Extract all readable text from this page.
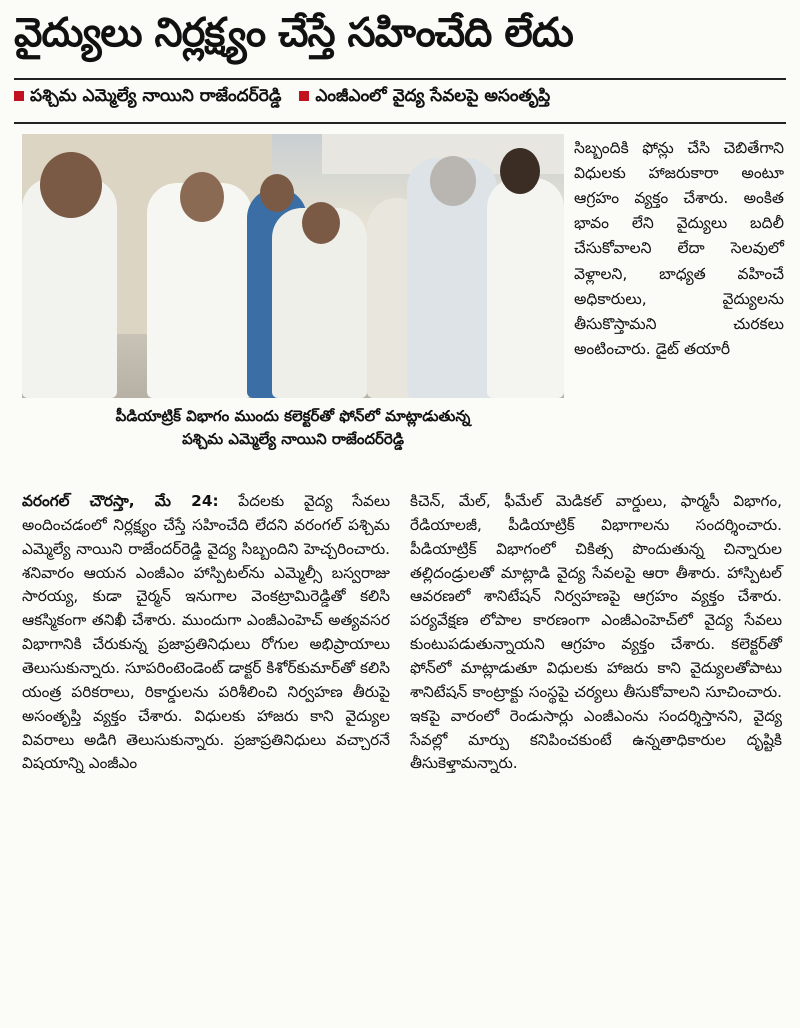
వైద్యులు నిర్లక్ష్యం చేస్తే సహించేది లేదు
పశ్చిమ ఎమ్మెల్యే నాయిని రాజేందర్‌రెడ్డి ఎంజీఎంలో వైద్య సేవలపై అసంతృప్తి
పీడియాట్రిక్ విభాగం ముందు కలెక్టర్‌తో ఫోన్‌లో మాట్లాడుతున్న
పశ్చిమ ఎమ్మెల్యే నాయిని రాజేందర్‌రెడ్డి

సిబ్బందికి ఫోన్లు చేసి చెబితేగాని విధులకు హాజరుకారా అంటూ ఆగ్రహం వ్యక్తం చేశారు. అంకిత భావం లేని వైద్యులు బదిలీ చేసుకోవాలని లేదా సెలవులో వెళ్లాలని, బాధ్యత వహించే అధికారులు, వైద్యులను తీసుకొస్తామని చురకలు అంటించారు. డైట్ తయారీ

వరంగల్ చౌరస్తా, మే 24: పేదలకు వైద్య సేవలు అందించడంలో నిర్లక్ష్యం చేస్తే సహించేది లేదని వరంగల్ పశ్చిమ ఎమ్మెల్యే నాయిని రాజేందర్‌రెడ్డి వైద్య సిబ్బందిని హెచ్చరించారు. శనివారం ఆయన ఎంజీఎం హాస్పిటల్‌ను ఎమ్మెల్సీ బస్వరాజు సారయ్య, కుడా చైర్మన్ ఇనుగాల వెంకట్రామిరెడ్డితో కలిసి ఆకస్మికంగా తనిఖీ చేశారు. ముందుగా ఎంజీఎంహెచ్ అత్యవసర విభాగానికి చేరుకున్న ప్రజాప్రతినిధులు రోగుల అభిప్రాయాలు తెలుసుకున్నారు. సూపరింటెండెంట్ డాక్టర్ కిశోర్‌కుమార్‌తో కలిసి యంత్ర పరికరాలు, రికార్డులను పరిశీలించి నిర్వహణ తీరుపై అసంతృప్తి వ్యక్తం చేశారు. విధులకు హాజరు కాని వైద్యుల వివరాలు అడిగి తెలుసుకున్నారు. ప్రజాప్రతినిధులు వచ్చారనే విషయాన్ని ఎంజీఎం

కిచెన్, మేల్, ఫీమేల్ మెడికల్ వార్డులు, ఫార్మసీ విభాగం, రేడియాలజీ, పీడియాట్రిక్ విభాగాలను సందర్శించారు. పీడియాట్రిక్ విభాగంలో చికిత్స పొందుతున్న చిన్నారుల తల్లిదండ్రులతో మాట్లాడి వైద్య సేవలపై ఆరా తీశారు. హాస్పిటల్ ఆవరణలో శానిటేషన్ నిర్వహణపై ఆగ్రహం వ్యక్తం చేశారు. పర్యవేక్షణ లోపాల కారణంగా ఎంజీఎంహెచ్‌లో వైద్య సేవలు కుంటుపడుతున్నాయని ఆగ్రహం వ్యక్తం చేశారు. కలెక్టర్‌తో ఫోన్‌లో మాట్లాడుతూ విధులకు హాజరు కాని వైద్యులతోపాటు శానిటేషన్ కాంట్రాక్టు సంస్థపై చర్యలు తీసుకోవాలని సూచించారు. ఇకపై వారంలో రెండుసార్లు ఎంజీఎంను సందర్శిస్తానని, వైద్య సేవల్లో మార్పు కనిపించకుంటే ఉన్నతాధికారుల దృష్టికి తీసుకెళ్తామన్నారు.
